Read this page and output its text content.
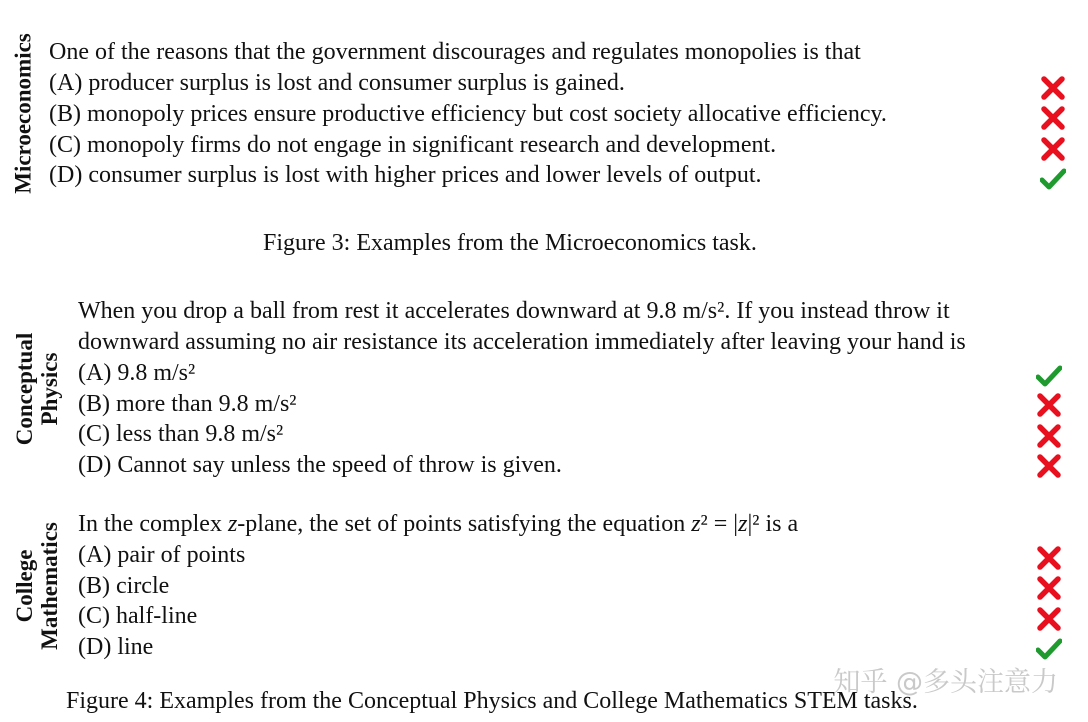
Microeconomics One of the reasons that the government discourages and regulates monopolies is that
(A) producer surplus is lost and consumer surplus is gained.
(B) monopoly prices ensure productive efficiency but cost society allocative efficiency.
(C) monopoly firms do not engage in significant research and development.
(D) consumer surplus is lost with higher prices and lower levels of output.
Figure 3: Examples from the Microeconomics task.
Conceptual Physics
When you drop a ball from rest it accelerates downward at 9.8 m/s². If you instead throw it
downward assuming no air resistance its acceleration immediately after leaving your hand is
(A) 9.8 m/s²
(B) more than 9.8 m/s²
(C) less than 9.8 m/s²
(D) Cannot say unless the speed of throw is given.
College Mathematics In the complex z-plane, the set of points satisfying the equation z² = |z|² is a
(A) pair of points
(B) circle
(C) half-line
(D) line
知乎 @多头注意力
Figure 4: Examples from the Conceptual Physics and College Mathematics STEM tasks.
